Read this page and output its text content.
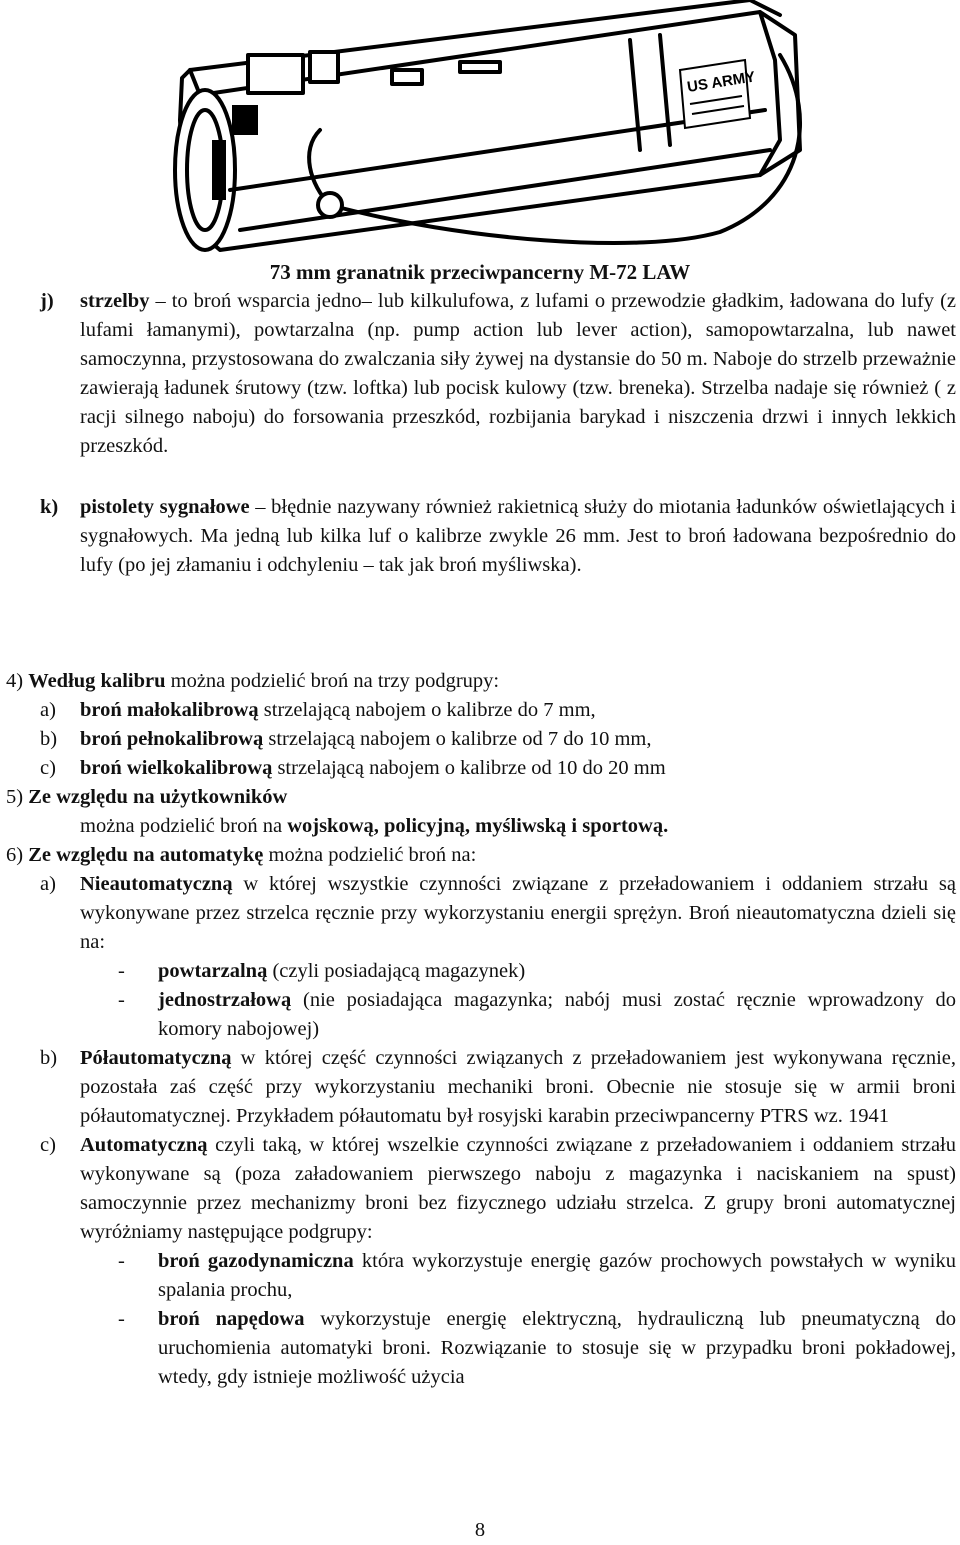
US ARMY
73 mm granatnik przeciwpancerny M-72 LAW
j) strzelby – to broń wsparcia jedno– lub kilkulufowa, z lufami o przewodzie gładkim, ładowana do lufy (z lufami łamanymi), powtarzalna (np. pump action lub lever action), samopowtarzalna, lub nawet samoczynna, przystosowana do zwalczania siły żywej na dystansie do 50 m. Naboje do strzelb przeważnie zawierają ładunek śrutowy (tzw. loftka) lub pocisk kulowy (tzw. breneka). Strzelba nadaje się również ( z racji silnego naboju) do forsowania przeszkód, rozbijania barykad i niszczenia drzwi i innych lekkich przeszkód.
k) pistolety sygnałowe – błędnie nazywany również rakietnicą służy do miotania ładunków oświetlających i sygnałowych. Ma jedną lub kilka luf o kalibrze zwykle 26 mm. Jest to broń ładowana bezpośrednio do lufy (po jej złamaniu i odchyleniu – tak jak broń myśliwska).
4) Według kalibru można podzielić broń na trzy podgrupy:
a) broń małokalibrową strzelającą nabojem o kalibrze do 7 mm,
b) broń pełnokalibrową strzelającą nabojem o kalibrze od 7 do 10 mm,
c) broń wielkokalibrową strzelającą nabojem o kalibrze od 10 do 20 mm
5) Ze względu na użytkowników
można podzielić broń na wojskową, policyjną, myśliwską i sportową.
6) Ze względu na automatykę można podzielić broń na:
a) Nieautomatyczną w której wszystkie czynności związane z przeładowaniem i oddaniem strzału są wykonywane przez strzelca ręcznie przy wykorzystaniu energii sprężyn. Broń nieautomatyczna dzieli się na:
- powtarzalną (czyli posiadającą magazynek)
- jednostrzałową (nie posiadająca magazynka; nabój musi zostać ręcznie wprowadzony do komory nabojowej)
b) Półautomatyczną w której część czynności związanych z przeładowaniem jest wykonywana ręcznie, pozostała zaś część przy wykorzystaniu mechaniki broni. Obecnie nie stosuje się w armii broni półautomatycznej. Przykładem półautomatu był rosyjski karabin przeciwpancerny PTRS wz. 1941
c) Automatyczną czyli taką, w której wszelkie czynności związane z przeładowaniem i oddaniem strzału wykonywane są (poza załadowaniem pierwszego naboju z magazynka i naciskaniem na spust) samoczynnie przez mechanizmy broni bez fizycznego udziału strzelca. Z grupy broni automatycznej wyróżniamy następujące podgrupy:
- broń gazodynamiczna która wykorzystuje energię gazów prochowych powstałych w wyniku spalania prochu,
- broń napędowa wykorzystuje energię elektryczną, hydrauliczną lub pneumatyczną do uruchomienia automatyki broni. Rozwiązanie to stosuje się w przypadku broni pokładowej, wtedy, gdy istnieje możliwość użycia
8
